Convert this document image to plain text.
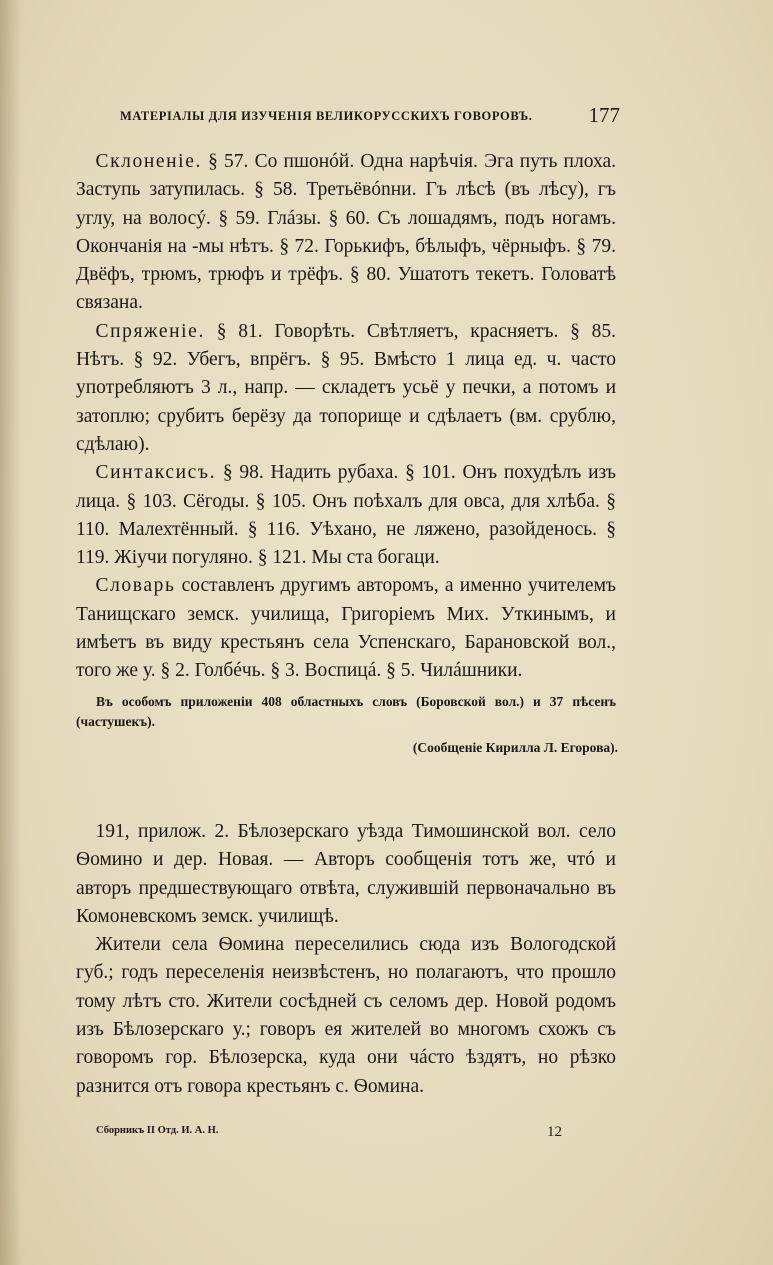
МАТЕРІАЛЫ ДЛЯ ИЗУЧЕНІЯ ВЕЛИКОРУССКИХЪ ГОВОРОВЪ.	177

 Склоненіе. § 57. Со пшонóй. Одна нарѣчія. Эга путь плоха. Заступь затупилась. § 58. Третьёвónни. Гъ лѣсѣ (въ лѣсу), гъ углу, на волосý. § 59. Глáзы. § 60. Съ лошадямъ, подъ ногамъ. Окончанія на -мы нѣтъ. § 72. Горькифъ, бѣлыфъ, чёрныфъ. § 79. Двёфъ, трюмъ, трюфъ и трёфъ. § 80. Ушатотъ текетъ. Головатѣ связана.

 Спряженіе. § 81. Говорѣть. Свѣтляетъ, красняетъ. § 85. Нѣтъ. § 92. Убегъ, впрёгъ. § 95. Вмѣсто 1 лица ед. ч. часто употребляютъ 3 л., напр. — складетъ усьё у печки, а потомъ и затоплю; срубитъ берёзу да топорище и сдѣлаетъ (вм. срублю, сдѣлаю).

 Синтаксисъ. § 98. Надить рубаха. § 101. Онъ похудѣлъ изъ лица. § 103. Сёгоды. § 105. Онъ поѣхалъ для овса, для хлѣба. § 110. Малехтённый. § 116. Уѣхано, не ляжено, разойденось. § 119. Жіучи погуляно. § 121. Мы ста богаци.

 Словарь составленъ другимъ авторомъ, а именно учителемъ Танищскаго земск. училища, Григоріемъ Мих. Уткинымъ, и имѣетъ въ виду крестьянъ села Успенскаго, Барановской вол., того же у. § 2. Голбéчь. § 3. Воспицá. § 5. Чилáшники.

Въ особомъ приложеніи 408 областныхъ словъ (Боровской вол.) и 37 пѣсенъ (частушекъ).

(Сообщеніе Кирилла Л. Егорова).

 191, прилож. 2. Бѣлозерскаго уѣзда Тимошинской вол. село Ѳомино и дер. Новая. — Авторъ сообщенія тотъ же, чтó и авторъ предшествующаго отвѣта, служившій первоначально въ Комоневскомъ земск. училищѣ.

 Жители села Ѳомина переселились сюда изъ Вологодской губ.; годъ переселенія неизвѣстенъ, но полагаютъ, что прошло тому лѣтъ сто. Жители сосѣдней съ селомъ дер. Новой родомъ изъ Бѣлозерскаго у.; говоръ ея жителей во многомъ схожъ съ говоромъ гор. Бѣлозерска, куда они чáсто ѣздятъ, но рѣзко разнится отъ говора крестьянъ с. Ѳомина.

Сборникъ II Отд. И. А. Н.	12
